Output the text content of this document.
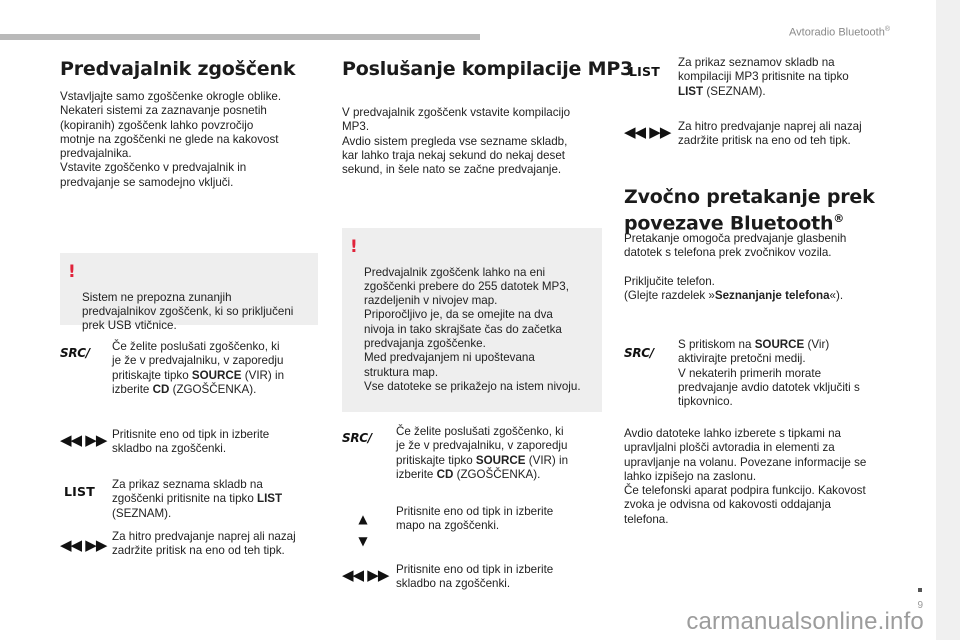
Avtoradio Bluetooth®
Predvajalnik zgoščenk
Vstavljajte samo zgoščenke okrogle oblike.
Nekateri sistemi za zaznavanje posnetih
(kopiranih) zgoščenk lahko povzročijo
motnje na zgoščenki ne glede na kakovost
predvajalnika.
Vstavite zgoščenko v predvajalnik in
predvajanje se samodejno vključi.

!

Sistem ne prepozna zunanjih
predvajalnikov zgoščenk, ki so priključeni
prek USB vtičnice.

SRC/ Če želite poslušati zgoščenko, ki
je že v predvajalniku, v zaporedju
pritiskajte tipko SOURCE (VIR) in
izberite CD (ZGOŠČENKA).
◀◀ ▶▶ Pritisnite eno od tipk in izberite
skladbo na zgoščenki.
LIST Za prikaz seznama skladb na
zgoščenki pritisnite na tipko LIST
(SEZNAM).
◀◀ ▶▶ Za hitro predvajanje naprej ali nazaj
zadržite pritisk na eno od teh tipk.
Poslušanje kompilacije MP3
V predvajalnik zgoščenk vstavite kompilacijo
MP3.
Avdio sistem pregleda vse sezname skladb,
kar lahko traja nekaj sekund do nekaj deset
sekund, in šele nato se začne predvajanje.

!

Predvajalnik zgoščenk lahko na eni
zgoščenki prebere do 255 datotek MP3,
razdeljenih v nivojev map.
Priporočljivo je, da se omejite na dva
nivoja in tako skrajšate čas do začetka
predvajanja zgoščenke.
Med predvajanjem ni upoštevana
struktura map.
Vse datoteke se prikažejo na istem nivoju.

SRC/ Če želite poslušati zgoščenko, ki
je že v predvajalniku, v zaporedju
pritiskajte tipko SOURCE (VIR) in
izberite CD (ZGOŠČENKA).
▲
▼
Pritisnite eno od tipk in izberite
mapo na zgoščenki.
◀◀ ▶▶ Pritisnite eno od tipk in izberite
skladbo na zgoščenki.
LIST
Za prikaz seznamov skladb na
kompilaciji MP3 pritisnite na tipko
LIST (SEZNAM).
◀◀ ▶▶ Za hitro predvajanje naprej ali nazaj
zadržite pritisk na eno od teh tipk.
Zvočno pretakanje prek
povezave Bluetooth®
Pretakanje omogoča predvajanje glasbenih
datotek s telefona prek zvočnikov vozila.
Priključite telefon.
(Glejte razdelek »Seznanjanje telefona«).
SRC/
S pritiskom na SOURCE (Vir)
aktivirajte pretočni medij.
V nekaterih primerih morate
predvajanje avdio datotek vključiti s
tipkovnico.
Avdio datoteke lahko izberete s tipkami na
upravljalni plošči avtoradia in elementi za
upravljanje na volanu. Povezane informacije se
lahko izpišejo na zaslonu.
Če telefonski aparat podpira funkcijo. Kakovost
zvoka je odvisna od kakovosti oddajanja
telefona.
9
carmanualsonline.info
